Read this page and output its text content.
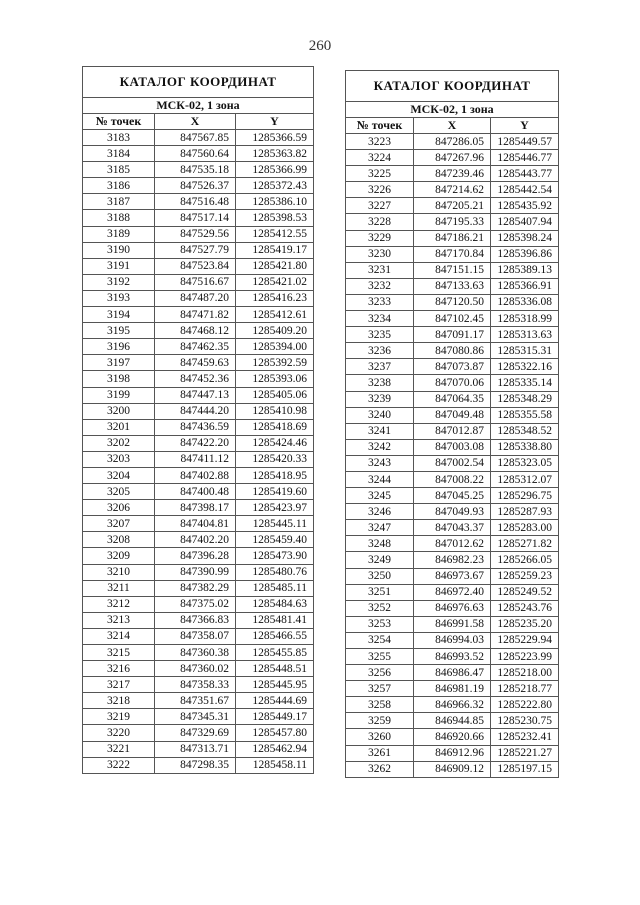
260
КАТАЛОГ КООРДИНАТ		
МСК-02, 1 зона		
№ точек	X	Y
3183	847567.85	1285366.59
3184	847560.64	1285363.82
3185	847535.18	1285366.99
3186	847526.37	1285372.43
3187	847516.48	1285386.10
3188	847517.14	1285398.53
3189	847529.56	1285412.55
3190	847527.79	1285419.17
3191	847523.84	1285421.80
3192	847516.67	1285421.02
3193	847487.20	1285416.23
3194	847471.82	1285412.61
3195	847468.12	1285409.20
3196	847462.35	1285394.00
3197	847459.63	1285392.59
3198	847452.36	1285393.06
3199	847447.13	1285405.06
3200	847444.20	1285410.98
3201	847436.59	1285418.69
3202	847422.20	1285424.46
3203	847411.12	1285420.33
3204	847402.88	1285418.95
3205	847400.48	1285419.60
3206	847398.17	1285423.97
3207	847404.81	1285445.11
3208	847402.20	1285459.40
3209	847396.28	1285473.90
3210	847390.99	1285480.76
3211	847382.29	1285485.11
3212	847375.02	1285484.63
3213	847366.83	1285481.41
3214	847358.07	1285466.55
3215	847360.38	1285455.85
3216	847360.02	1285448.51
3217	847358.33	1285445.95
3218	847351.67	1285444.69
3219	847345.31	1285449.17
3220	847329.69	1285457.80
3221	847313.71	1285462.94
3222	847298.35	1285458.11
КАТАЛОГ КООРДИНАТ		
МСК-02, 1 зона		
№ точек	X	Y
3223	847286.05	1285449.57
3224	847267.96	1285446.77
3225	847239.46	1285443.77
3226	847214.62	1285442.54
3227	847205.21	1285435.92
3228	847195.33	1285407.94
3229	847186.21	1285398.24
3230	847170.84	1285396.86
3231	847151.15	1285389.13
3232	847133.63	1285366.91
3233	847120.50	1285336.08
3234	847102.45	1285318.99
3235	847091.17	1285313.63
3236	847080.86	1285315.31
3237	847073.87	1285322.16
3238	847070.06	1285335.14
3239	847064.35	1285348.29
3240	847049.48	1285355.58
3241	847012.87	1285348.52
3242	847003.08	1285338.80
3243	847002.54	1285323.05
3244	847008.22	1285312.07
3245	847045.25	1285296.75
3246	847049.93	1285287.93
3247	847043.37	1285283.00
3248	847012.62	1285271.82
3249	846982.23	1285266.05
3250	846973.67	1285259.23
3251	846972.40	1285249.52
3252	846976.63	1285243.76
3253	846991.58	1285235.20
3254	846994.03	1285229.94
3255	846993.52	1285223.99
3256	846986.47	1285218.00
3257	846981.19	1285218.77
3258	846966.32	1285222.80
3259	846944.85	1285230.75
3260	846920.66	1285232.41
3261	846912.96	1285221.27
3262	846909.12	1285197.15
